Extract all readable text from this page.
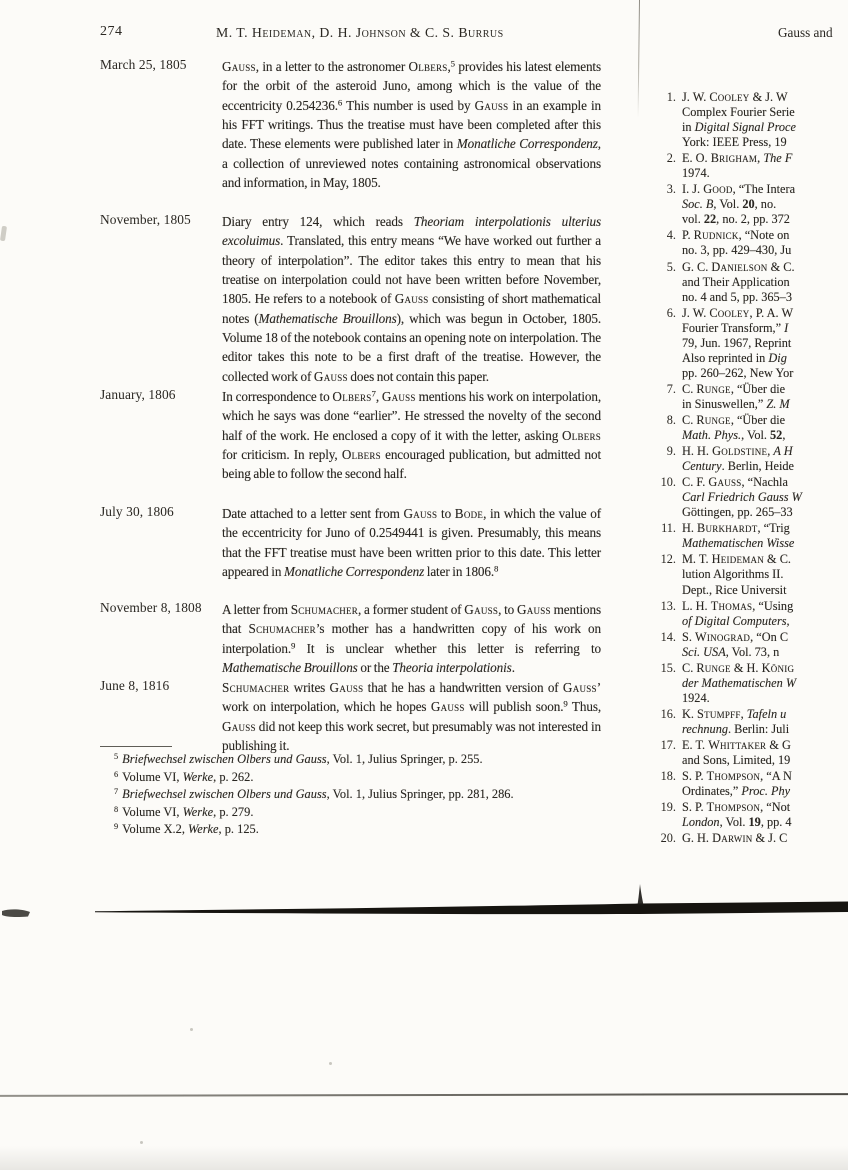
274	M. T. Heideman, D. H. Johnson & C. S. Burrus	Gauss and
March 25, 1805	Gauss, in a letter to the astronomer Olbers,$^5$ provides his latest elements for the orbit of the asteroid Juno, among which is the value of the eccentricity 0.254236.$^6$ This number is used by Gauss in an example in his FFT writings. Thus the treatise must have been completed after this date. These elements were published later in Monatliche Correspondenz, a collection of unreviewed notes containing astronomical observations and information, in May, 1805.
November, 1805 Diary entry 124, which reads Theoriam interpolationis ulterius excoluimus. Translated, this entry means “We have worked out further a theory of interpolation”. The editor takes this entry to mean that his treatise on interpolation could not have been written before November, 1805. He refers to a notebook of Gauss consisting of short mathematical notes (Mathematische Brouillons), which was begun in October, 1805. Volume 18 of the notebook contains an opening note on interpolation. The editor takes this note to be a first draft of the treatise. However, the collected work of Gauss does not contain this paper.
January, 1806	In correspondence to Olbers$^7$, Gauss mentions his work on interpolation, which he says was done “earlier”. He stressed the novelty of the second half of the work. He enclosed a copy of it with the letter, asking Olbers for criticism. In reply, Olbers encouraged publication, but admitted not being able to follow the second half.
July 30, 1806	Date attached to a letter sent from Gauss to Bode, in which the value of the eccentricity for Juno of 0.2549441 is given. Presumably, this means that the FFT treatise must have been written prior to this date. This letter appeared in Monatliche Correspondenz later in 1806.$^8$
November 8, 1808 A letter from Schumacher, a former student of Gauss, to Gauss mentions that Schumacher’s mother has a handwritten copy of his work on interpolation.$^9$ It is unclear whether this letter is referring to Mathematische Brouillons or the Theoria interpolationis.
June 8, 1816	Schumacher writes Gauss that he has a handwritten version of Gauss’ work on interpolation, which he hopes Gauss will publish soon.$^9$ Thus, Gauss did not keep this work secret, but presumably was not interested in publishing it.
$^5$ Briefwechsel zwischen Olbers und Gauss, Vol. 1, Julius Springer, p. 255.
$^6$ Volume VI, Werke, p. 262.
$^7$ Briefwechsel zwischen Olbers und Gauss, Vol. 1, Julius Springer, pp. 281, 286.
$^8$ Volume VI, Werke, p. 279.
$^9$ Volume X.2, Werke, p. 125.
1. J. W. Cooley & J. W
Complex Fourier Serie
in Digital Signal Proce
York: IEEE Press, 19
2. E. O. Brigham, The F
1974.
3. I. J. Good, “The Intera
Soc. B, Vol. 20, no.
vol. 22, no. 2, pp. 372
4. P. Rudnick, “Note on
no. 3, pp. 429–430, Ju
5. G. C. Danielson & C.
and Their Application
no. 4 and 5, pp. 365–3
6. J. W. Cooley, P. A. W
Fourier Transform,” I
79, Jun. 1967, Reprint
Also reprinted in Dig
pp. 260–262, New Yor
7. C. Runge, “Über die
in Sinuswellen,” Z. M
8. C. Runge, “Über die
Math. Phys., Vol. 52,
9. H. H. Goldstine, A H
Century. Berlin, Heide
10. C. F. Gauss, “Nachla
Carl Friedrich Gauss W
Göttingen, pp. 265–33
11. H. Burkhardt, “Trig
Mathematischen Wisse
12. M. T. Heideman & C.
lution Algorithms II.
Dept., Rice Universit
13. L. H. Thomas, “Using
of Digital Computers,
14. S. Winograd, “On C
Sci. USA, Vol. 73, n
15. C. Runge & H. König
der Mathematischen W
1924.
16. K. Stumpff, Tafeln u
rechnung. Berlin: Juli
17. E. T. Whittaker & G
and Sons, Limited, 19
18. S. P. Thompson, “A N
Ordinates,” Proc. Phy
19. S. P. Thompson, “Not
London, Vol. 19, pp. 4
20. G. H. Darwin & J. C
